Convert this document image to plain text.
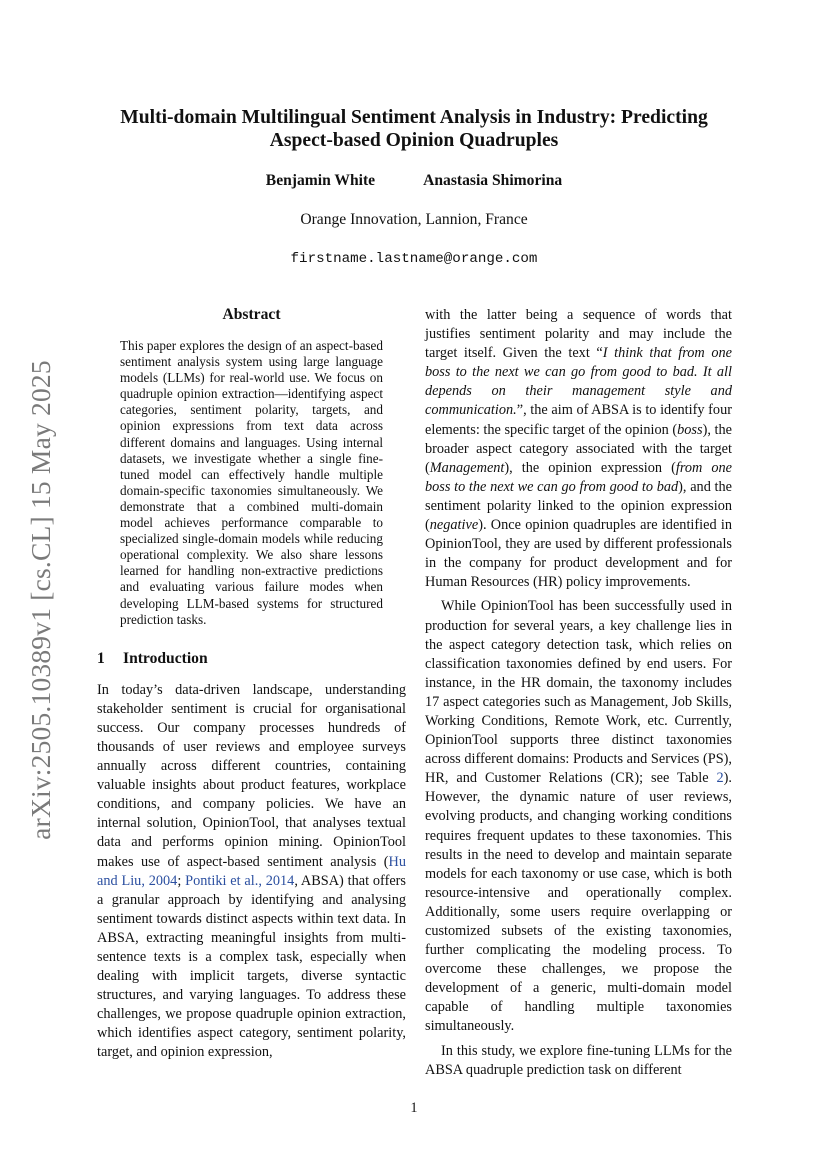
arXiv:2505.10389v1 [cs.CL] 15 May 2025
Multi-domain Multilingual Sentiment Analysis in Industry: Predicting Aspect-based Opinion Quadruples
Benjamin White	Anastasia Shimorina
Orange Innovation, Lannion, France
firstname.lastname@orange.com
Abstract

This paper explores the design of an aspect-based sentiment analysis system using large language models (LLMs) for real-world use. We focus on quadruple opinion extraction—identifying aspect categories, sentiment polarity, targets, and opinion expressions from text data across different domains and languages. Using internal datasets, we investigate whether a single fine-tuned model can effectively handle multiple domain-specific taxonomies simultaneously. We demonstrate that a combined multi-domain model achieves performance comparable to specialized single-domain models while reducing operational complexity. We also share lessons learned for handling non-extractive predictions and evaluating various failure modes when developing LLM-based systems for structured prediction tasks.

1 Introduction

In today’s data-driven landscape, understanding stakeholder sentiment is crucial for organisational success. Our company processes hundreds of thousands of user reviews and employee surveys annually across different countries, containing valuable insights about product features, workplace conditions, and company policies. We have an internal solution, OpinionTool, that analyses textual data and performs opinion mining. OpinionTool makes use of aspect-based sentiment analysis (Hu and Liu, 2004; Pontiki et al., 2014, ABSA) that offers a granular approach by identifying and analysing sentiment towards distinct aspects within text data. In ABSA, extracting meaningful insights from multi-sentence texts is a complex task, especially when dealing with implicit targets, diverse syntactic structures, and varying languages. To address these challenges, we propose quadruple opinion extraction, which identifies aspect category, sentiment polarity, target, and opinion expression,

with the latter being a sequence of words that justifies sentiment polarity and may include the target itself. Given the text “I think that from one boss to the next we can go from good to bad. It all depends on their management style and communication.”, the aim of ABSA is to identify four elements: the specific target of the opinion (boss), the broader aspect category associated with the target (Management), the opinion expression (from one boss to the next we can go from good to bad), and the sentiment polarity linked to the opinion expression (negative). Once opinion quadruples are identified in OpinionTool, they are used by different professionals in the company for product development and for Human Resources (HR) policy improvements.

While OpinionTool has been successfully used in production for several years, a key challenge lies in the aspect category detection task, which relies on classification taxonomies defined by end users. For instance, in the HR domain, the taxonomy includes 17 aspect categories such as Management, Job Skills, Working Conditions, Remote Work, etc. Currently, OpinionTool supports three distinct taxonomies across different domains: Products and Services (PS), HR, and Customer Relations (CR); see Table 2). However, the dynamic nature of user reviews, evolving products, and changing working conditions requires frequent updates to these taxonomies. This results in the need to develop and maintain separate models for each taxonomy or use case, which is both resource-intensive and operationally complex. Additionally, some users require overlapping or customized subsets of the existing taxonomies, further complicating the modeling process. To overcome these challenges, we propose the development of a generic, multi-domain model capable of handling multiple taxonomies simultaneously.

In this study, we explore fine-tuning LLMs for the ABSA quadruple prediction task on different

1
